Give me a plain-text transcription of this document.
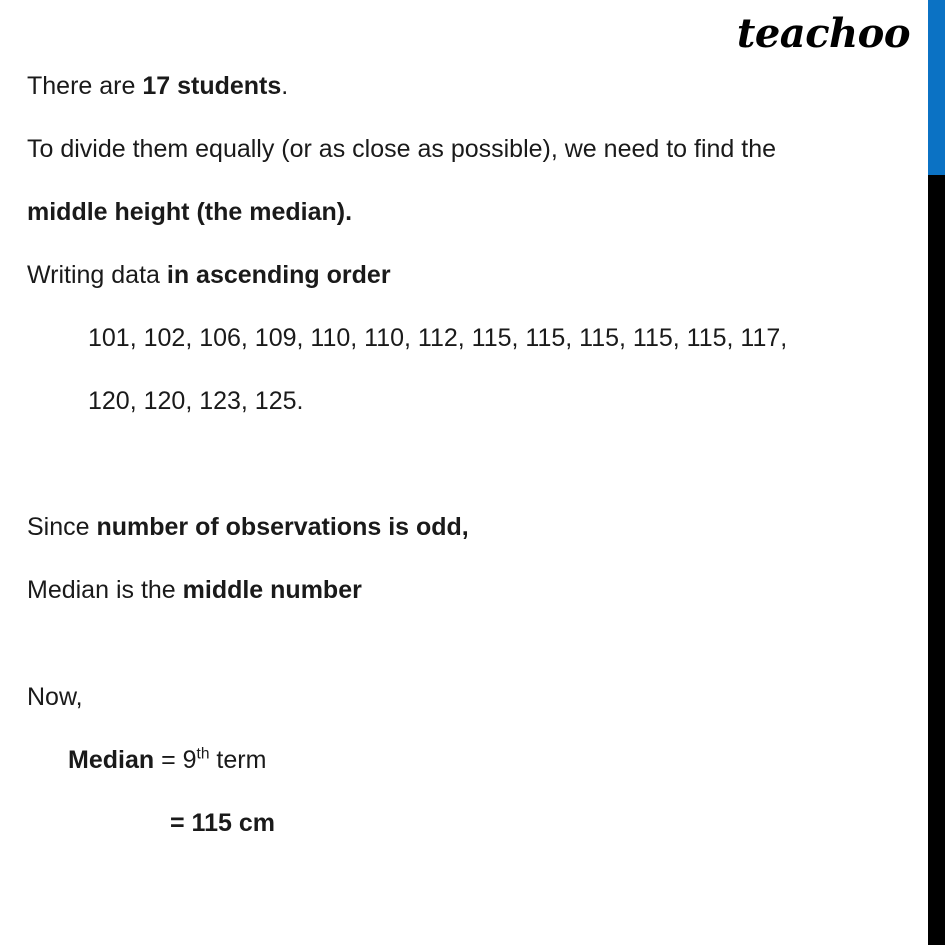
teachoo
There are 17 students.
To divide them equally (or as close as possible), we need to find the
middle height (the median).
Writing data in ascending order
101, 102, 106, 109, 110, 110, 112, 115, 115, 115, 115, 115, 117,
120, 120, 123, 125.
Since number of observations is odd,
Median is the middle number
Now,
Median = 9th term
= 115 cm
